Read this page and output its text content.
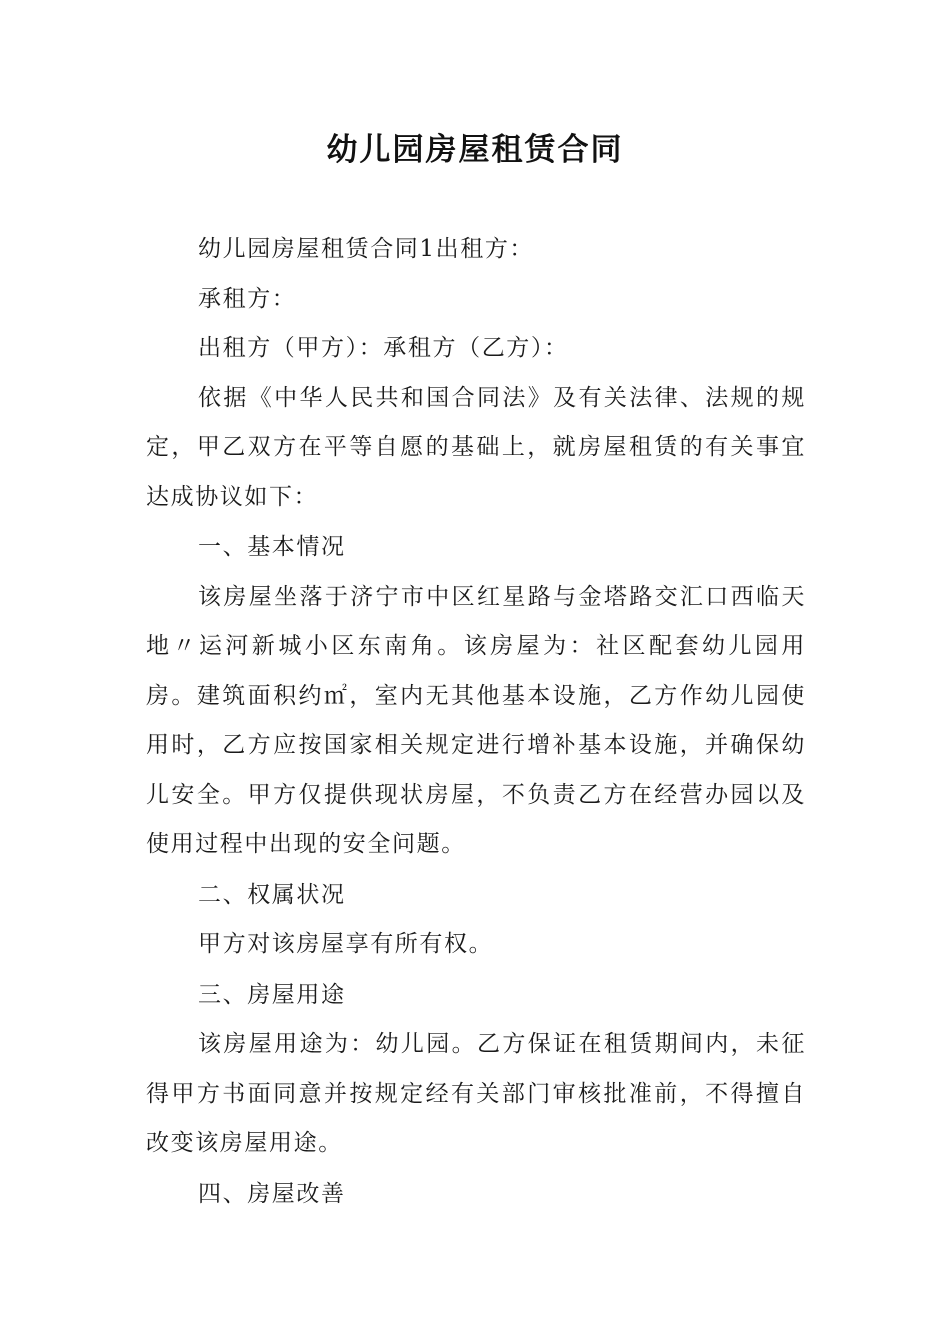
幼儿园房屋租赁合同

幼儿园房屋租赁合同1出租方：

承租方：

出租方（甲方）：承租方（乙方）：

依据《中华人民共和国合同法》及有关法律、法规的规定，甲乙双方在平等自愿的基础上，就房屋租赁的有关事宜达成协议如下：

一、基本情况

该房屋坐落于济宁市中区红星路与金塔路交汇口西临天地〃运河新城小区东南角。该房屋为：社区配套幼儿园用房。建筑面积约㎡，室内无其他基本设施，乙方作幼儿园使用时，乙方应按国家相关规定进行增补基本设施，并确保幼儿安全。甲方仅提供现状房屋，不负责乙方在经营办园以及使用过程中出现的安全问题。

二、权属状况

甲方对该房屋享有所有权。

三、房屋用途

该房屋用途为：幼儿园。乙方保证在租赁期间内，未征得甲方书面同意并按规定经有关部门审核批准前，不得擅自改变该房屋用途。

四、房屋改善
